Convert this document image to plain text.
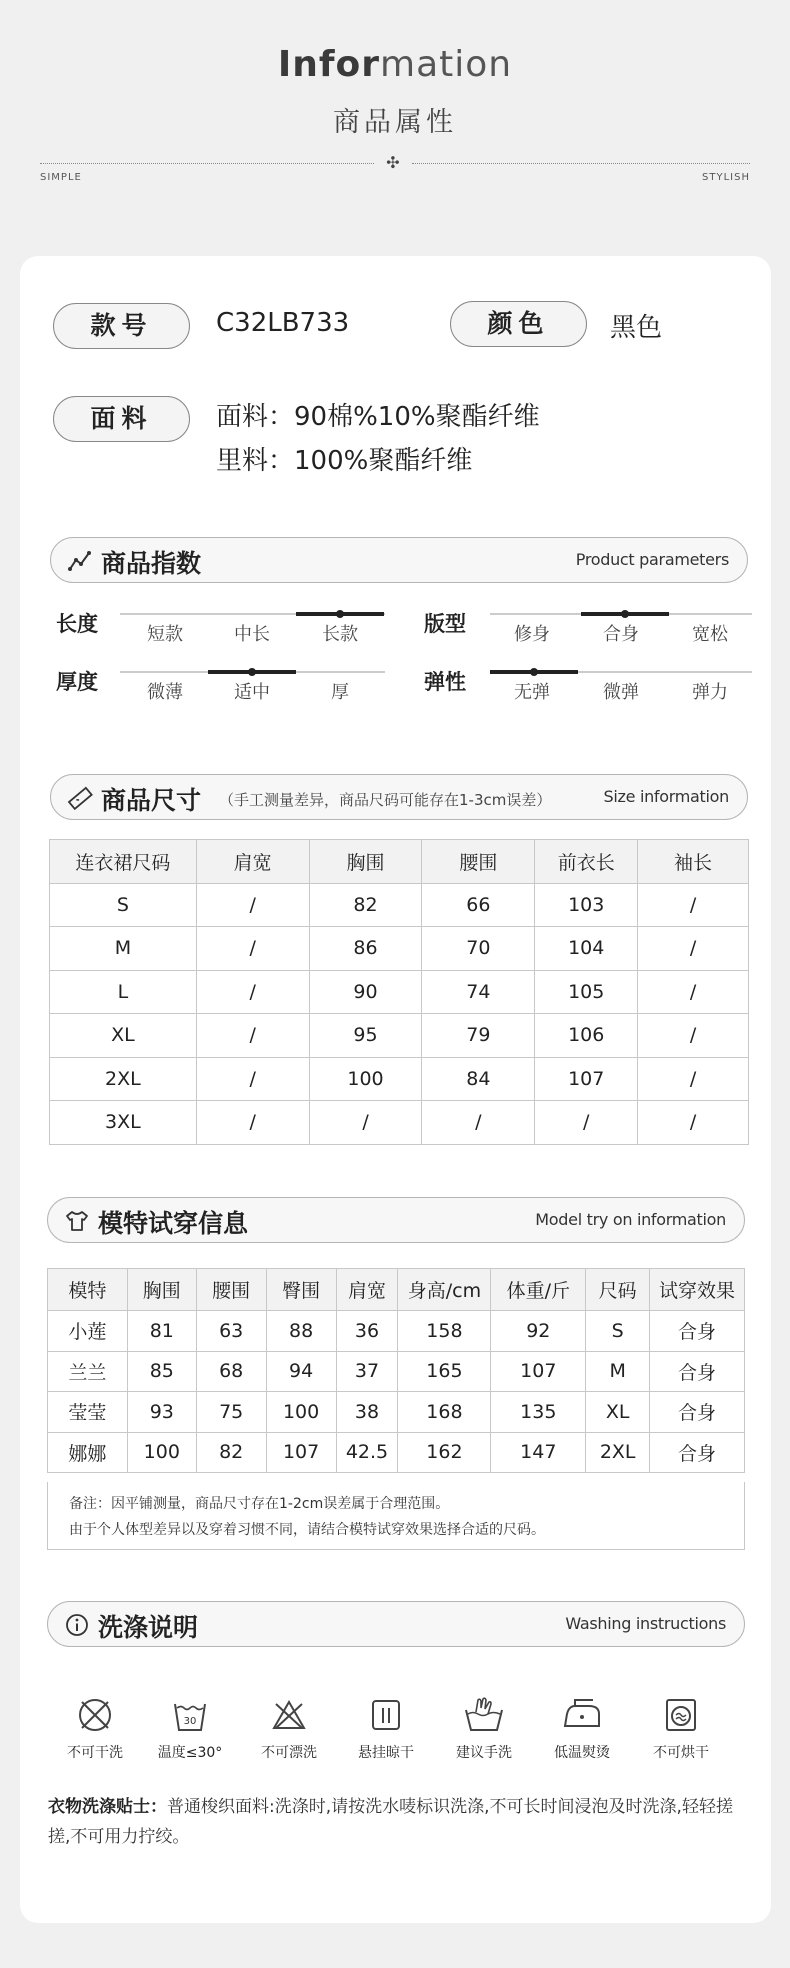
Information
商品属性
✣
SIMPLE	STYLISH
款号	C32LB733	颜色	黑色
面料	面料：90棉%10%聚酯纤维
里料：100%聚酯纤维
商品指数	Product parameters
长度	短款	中长	长款	版型	修身	合身	宽松
厚度	微薄	适中	厚	弹性	无弹	微弹	弹力
商品尺寸 （手工测量差异，商品尺码可能存在1-3cm误差）	Size information
连衣裙尺码	肩宽	胸围	腰围	前衣长	袖长
S	/	82	66	103	/
M	/	86	70	104	/
L	/	90	74	105	/
XL	/	95	79	106	/
2XL	/	100	84	107	/
3XL	/	/	/	/	/
模特试穿信息	Model try on information
模特	胸围	腰围	臀围	肩宽	身高/cm	体重/斤	尺码	试穿效果
小莲	81	63	88	36	158	92	S	合身
兰兰	85	68	94	37	165	107	M	合身
莹莹	93	75	100	38	168	135	XL	合身
娜娜	100	82	107	42.5	162	147	2XL	合身
备注：因平铺测量，商品尺寸存在1-2cm误差属于合理范围。
由于个人体型差异以及穿着习惯不同，请结合模特试穿效果选择合适的尺码。
洗涤说明	Washing instructions
不可干洗
30
温度≤30°	不可漂洗	悬挂晾干	建议手洗	低温熨烫	不可烘干
衣物洗涤贴士：普通梭织面料:洗涤时,请按洗水唛标识洗涤,不可长时间浸泡及时洗涤,轻轻搓搓,不可用力拧绞。
